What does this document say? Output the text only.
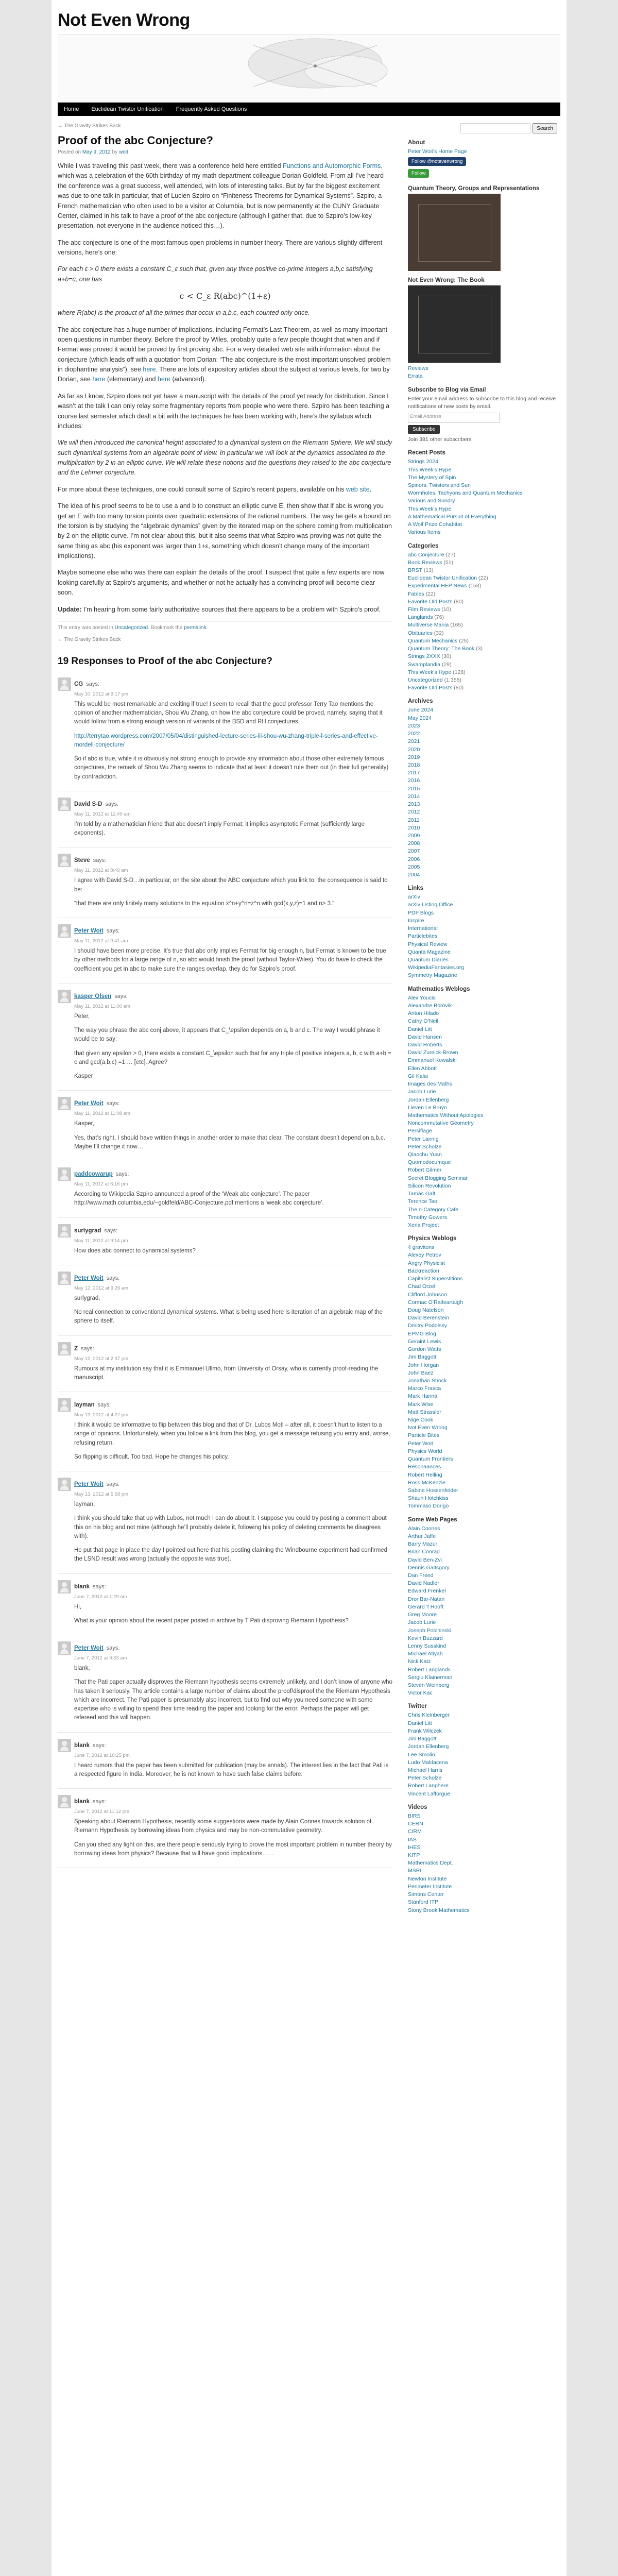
Not Even Wrong
Home	Euclidean Twistor Unification	Frequently Asked Questions
← The Gravity Strikes Back
Proof of the abc Conjecture?
Posted on May 9, 2012 by woit

While I was traveling this past week, there was a conference held here entitled Functions and Automorphic Forms, which was a celebration of the 60th birthday of my math department colleague Dorian Goldfeld. From all I’ve heard the conference was a great success, well attended, with lots of interesting talks. But by far the biggest excitement was due to one talk in particular, that of Lucien Szpiro on “Finiteness Theorems for Dynamical Systems”. Szpiro, a French mathematician who often used to be a visitor at Columbia, but is now permanently at the CUNY Graduate Center, claimed in his talk to have a proof of the abc conjecture (although I gather that, due to Szpiro’s low-key presentation, not everyone in the audience noticed this…).

The abc conjecture is one of the most famous open problems in number theory. There are various slightly different versions, here’s one:

For each ε > 0 there exists a constant C_ε such that, given any three positive co-prime integers a,b,c satisfying a+b=c, one has

c < C_ε R(abc)^(1+ε)

where R(abc) is the product of all the primes that occur in a,b,c, each counted only once.

The abc conjecture has a huge number of implications, including Fermat’s Last Theorem, as well as many important open questions in number theory. Before the proof by Wiles, probably quite a few people thought that when and if Fermat was proved it would be proved by first proving abc. For a very detailed web site with information about the conjecture (which leads off with a quotation from Dorian: “The abc conjecture is the most important unsolved problem in diophantine analysis”), see here. There are lots of expository articles about the subject at various levels, for two by Dorian, see here (elementary) and here (advanced).

As far as I know, Szpiro does not yet have a manuscript with the details of the proof yet ready for distribution. Since I wasn’t at the talk I can only relay some fragmentary reports from people who were there. Szpiro has been teaching a course last semester which dealt a bit with the techniques he has been working with, here’s the syllabus which includes:

We will then introduced the canonical height associated to a dynamical system on the Riemann Sphere. We will study such dynamical systems from an algebraic point of view. In particular we will look at the dynamics associated to the multiplication by 2 in an elliptic curve. We will relate these notions and the questions they raised to the abc conjecture and the Lehmer conjecture.

For more about these techniques, one could consult some of Szpiro’s recent papers, available on his web site.

The idea of his proof seems to be to use a and b to construct an elliptic curve E, then show that if abc is wrong you get an E with too many torsion points over quadratic extensions of the rational numbers. The way he gets a bound on the torsion is by studying the “algebraic dynamics” given by the iterated map on the sphere coming from multiplication by 2 on the elliptic curve. I’m not clear about this, but it also seems that what Szpiro was proving was not quite the same thing as abc (his exponent was larger than 1+ε, something which doesn’t change many of the important implications).

Maybe someone else who was there can explain the details of the proof. I suspect that quite a few experts are now looking carefully at Szpiro’s arguments, and whether or not he actually has a convincing proof will become clear soon.

Update: I’m hearing from some fairly authoritative sources that there appears to be a problem with Szpiro’s proof.

This entry was posted in Uncategorized. Bookmark the permalink.
← The Gravity Strikes Back
19 Responses to Proof of the abc Conjecture?
CG says:
May 10, 2012 at 9:17 pm

This would be most remarkable and exciting if true! I seem to recall that the good professor Terry Tao mentions the opinion of another mathematician, Shou Wu Zhang, on how the abc conjecture could be proved, namely, saying that it would follow from a strong enough version of variants of the BSD and RH conjectures.

http://terrytao.wordpress.com/2007/05/04/distinguished-lecture-series-iii-shou-wu-zhang-triple-l-series-and-effective-mordell-conjecture/

So if abc is true, while it is obviously not strong enough to provide any information about those other extremely famous conjectures, the remark of Shou Wu Zhang seems to indicate that at least it doesn’t rule them out (in their full generality) by contradiction.

David S-D says:
May 11, 2012 at 12:40 am

I’m told by a mathematician friend that abc doesn’t imply Fermat; it implies asymptotic Fermat (sufficiently large exponents).

Steve says:
May 11, 2012 at 8:49 am

I agree with David S-D…in particular, on the site about the ABC conjecture which you link to, the consequence is said to be:

“that there are only finitely many solutions to the equation x^n+y^n=z^n with gcd(x,y,z)=1 and n> 3.”

Peter Woit says:
May 11, 2012 at 9:41 am

I should have been more precise. It’s true that abc only implies Fermat for big enough n, but Fermat is known to be true by other methods for a large range of n, so abc would finish the proof (without Taylor-Wiles). You do have to check the coefficient you get in abc to make sure the ranges overlap, they do for Szpiro’s proof.

kasper Olsen says:
May 11, 2012 at 11:00 am

Peter,

The way you phrase the abc conj above, it appears that C_\epsilon depends on a, b and c. The way I would phrase it would be to say:

that given any epsilon > 0, there exists a constant C_\epsilon such that for any triple of positive integers a, b, c with a+b = c and gcd(a,b,c) =1 … [etc]. Agree?

Kasper

Peter Woit says:
May 11, 2012 at 11:08 am

Kasper,

Yes, that’s right, I should have written things in another order to make that clear. The constant doesn’t depend on a,b,c. Maybe I’ll change it now…

paddcowarup says:
May 11, 2012 at 6:16 pm

According to Wikipedia Szpiro announced a proof of the ‘Weak abc conjecture’. The paper http://www.math.columbia.edu/~goldfeld/ABC-Conjecture.pdf mentions a ‘weak abc conjecture’.

surlygrad says:
May 11, 2012 at 9:14 pm

How does abc connect to dynamical systems?

Peter Woit says:
May 12, 2012 at 9:26 am

surlygrad,

No real connection to conventional dynamical systems. What is being used here is iteration of an algebraic map of the sphere to itself.

Z says:
May 12, 2012 at 2:37 pm

Rumours at my institution say that it is Emmanuel Ullmo, from University of Orsay, who is currently proof-reading the manuscript.

layman says:
May 13, 2012 at 4:27 pm

I think it would be informative to flip between this blog and that of Dr. Lubos Motl – after all, it doesn’t hurt to listen to a range of opinions. Unfortunately, when you follow a link from this blog, you get a message refusing you entry and, worse, refusing return.

So flipping is difficult. Too bad. Hope he changes his policy.

Peter Woit says:
May 13, 2012 at 5:58 pm

layman,

I think you should take that up with Lubos, not much I can do about it. I suppose you could try posting a comment about this on his blog and not mine (although he’ll probably delete it, following his policy of deleting comments he disagrees with).

He put that page in place the day I pointed out here that his posting claiming the Windbourne experiment had confirmed the LSND result was wrong (actually the opposite was true).

blank says:
June 7, 2012 at 1:29 am

Hi,

What is your opinion about the recent paper posted in archive by T Pati disproving Riemann Hypothesis?

Peter Woit says:
June 7, 2012 at 9:33 am

blank,

That the Pati paper actually disproves the Riemann hypothesis seems extremely unlikely, and I don’t know of anyone who has taken it seriously. The article contains a large number of claims about the proof/disproof the the Riemann Hypothesis which are incorrect. The Pati paper is presumably also incorrect, but to find out why you need someone with some expertise who is willing to spend their time reading the paper and looking for the error. Perhaps the paper will get refereed and this will happen.

blank says:
June 7, 2012 at 10:25 pm

I heard rumors that the paper has been submitted for publication (may be annals). The interest lies in the fact that Pati is a respected figure in India. Moreover, he is not known to have such false claims before.

blank says:
June 7, 2012 at 11:12 pm

Speaking about Riemann Hypothesis, recently some suggestions were made by Alain Connes towards solution of Riemann Hypothesis by borrowing ideas from physics and may be non-commutative geometry.

Can you shed any light on this, are there people seriously trying to prove the most important problem in number theory by borrowing ideas from physics? Because that will have good implications……

Search
About
Peter Woit’s Home Page
Follow @notevenwrong
Follow
Quantum Theory, Groups and Representations
Not Even Wrong: The Book
Reviews
Errata
Subscribe to Blog via Email
Enter your email address to subscribe to this blog and receive notifications of new posts by email.
Email Address
Subscribe
Join 381 other subscribers
Recent Posts
Strings 2024
This Week’s Hype
The Mystery of Spin
Spinors, Twistors and Sun
Wormholes, Tachyons and Quantum Mechanics
Various and Sundry
This Week’s Hype
A Mathematical Pursuit of Everything
A Wolf Prize Cohabitat
Various Items
Categories
abc Conjecture (27)
Book Reviews (51)
BRST (13)
Euclidean Twistor Unification (22)
Experimental HEP News (153)
Fables (22)
Favorite Old Posts (80)
Film Reviews (10)
Langlands (76)
Multiverse Mania (165)
Obituaries (32)
Quantum Mechanics (25)
Quantum Theory: The Book (3)
Strings 2XXX (30)
Swamplandia (29)
This Week’s Hype (128)
Uncategorized (1,358)
Favorite Old Posts (80)
Archives
June 2024
May 2024
2023
2022
2021
2020
2019
2018
2017
2016
2015
2014
2013
2012
2011
2010
2009
2008
2007
2006
2005
2004
Links
arXiv
arXiv Listing Office
PDF Blogs
Inspire
International
Particlebites
Physical Review
Quanta Magazine
Quantum Diaries
WikipediaFantasies.org
Symmetry Magazine
Mathematics Weblogs
Alex Youcis
Alexandre Borovik
Anton Hilado
Cathy O’Neil
Daniel Litt
David Hansen
David Roberts
David Zureick-Brown
Emmanuel Kowalski
Ellen Abbott
Gil Kalai
Images des Maths
Jacob Lurie
Jordan Ellenberg
Lieven Le Bruyn
Mathematics Without Apologies
Noncommutative Geometry
Persiflage
Peter Lannig
Peter Scholze
Qiaochu Yuan
Quomodocumque
Robert Gilmer
Secret Blogging Seminar
Silicon Revolution
Tamás Galt
Terence Tao
The n-Category Cafe
Timothy Gowers
Xena Project
Physics Weblogs
4 gravitons
Alexey Petrov
Angry Physicist
Backreaction
Capitalist Superstitions
Chad Orzel
Clifford Johnson
Cormac O’Raifeartaigh
Doug Natelson
David Berenstein
Dmitry Podolsky
EPMG Blog
Geraint Lewis
Gordon Watts
Jim Baggott
John Horgan
John Baez
Jonathan Shock
Marco Frasca
Mark Hanna
Mark Wise
Matt Strassler
Nige Cook
Not Even Wrong
Particle Bites
Peter Woit
Physics World
Quantum Frontiers
Resonaances
Robert Helling
Ross McKenzie
Sabine Hossenfelder
Shaun Hotchkiss
Tommaso Dorigo
Some Web Pages
Alain Connes
Arthur Jaffe
Barry Mazur
Brian Conrad
David Ben-Zvi
Dennis Gaitsgory
Dan Freed
David Nadler
Edward Frenkel
Dror Bar-Natan
Gerard ’t Hooft
Greg Moore
Jacob Lurie
Joseph Polchinski
Kevin Buzzard
Lenny Susskind
Michael Atiyah
Nick Katz
Robert Langlands
Sergiu Klainerman
Steven Weinberg
Victor Kac
Twitter
Chris Kleinberger
Daniel Litt
Frank Wilczek
Jim Baggott
Jordan Ellenberg
Lee Smolin
Ludo Maldacena
Michael Harris
Peter Scholze
Robert Lanphere
Vincent Lafforgue
Videos
BIRS
CERN
CIRM
IAS
IHES
KITP
Mathematics Dept.
MSRI
Newton Institute
Perimeter Institute
Simons Center
Stanford ITP
Stony Brook Mathematics
